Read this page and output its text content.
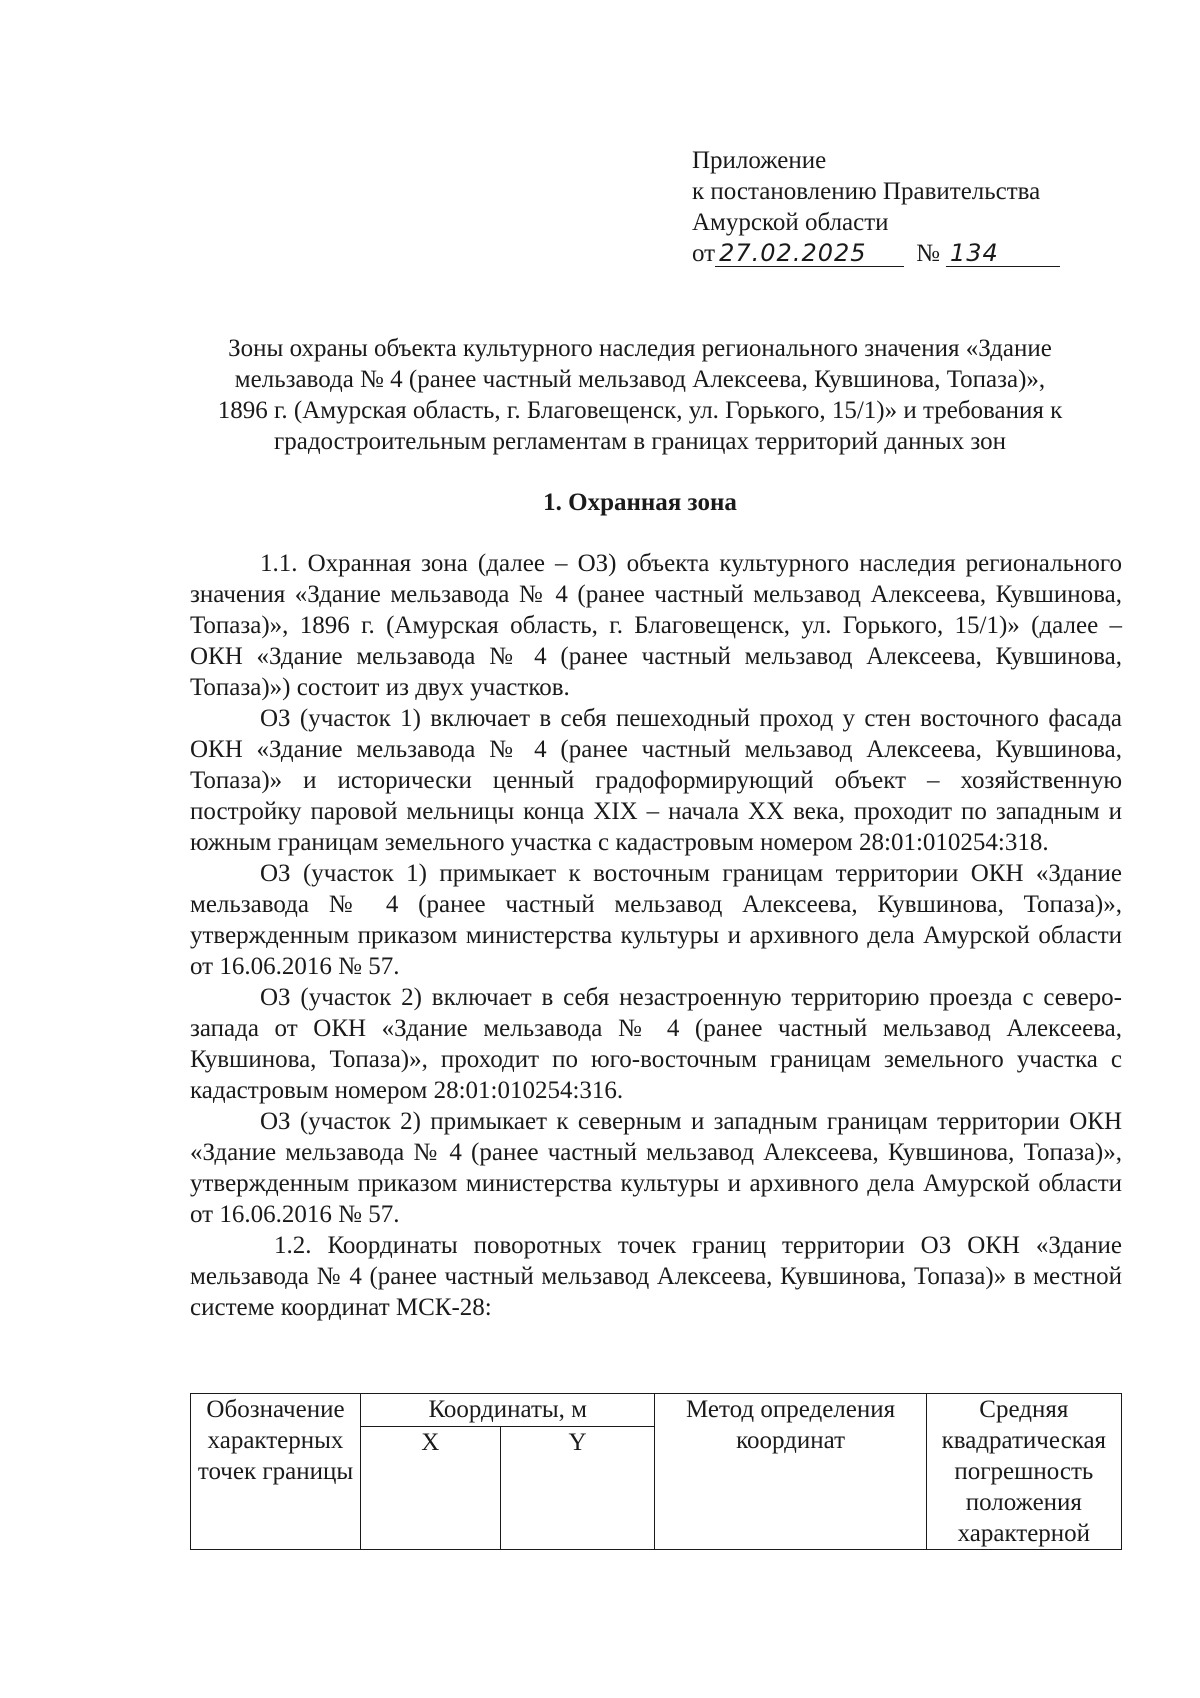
Приложение
к постановлению Правительства
Амурской области
от 27.02.2025 № 134
Зоны охраны объекта культурного наследия регионального значения «Здание
мельзавода № 4 (ранее частный мельзавод Алексеева, Кувшинова, Топаза)»,
1896 г. (Амурская область, г. Благовещенск, ул. Горького, 15/1)» и требования к
градостроительным регламентам в границах территорий данных зон
1. Охранная зона

1.1. Охранная зона (далее – ОЗ) объекта культурного наследия регионального значения «Здание мельзавода № 4 (ранее частный мельзавод Алексеева, Кувшинова, Топаза)», 1896 г. (Амурская область, г. Благовещенск, ул. Горького, 15/1)» (далее – ОКН «Здание мельзавода № 4 (ранее частный мельзавод Алексеева, Кувшинова, Топаза)») состоит из двух участков.

ОЗ (участок 1) включает в себя пешеходный проход у стен восточного фасада ОКН «Здание мельзавода № 4 (ранее частный мельзавод Алексеева, Кувшинова, Топаза)» и исторически ценный градоформирующий объект – хозяйственную постройку паровой мельницы конца XIX – начала XX века, проходит по западным и южным границам земельного участка с кадастровым номером 28:01:010254:318.

ОЗ (участок 1) примыкает к восточным границам территории ОКН «Здание мельзавода № 4 (ранее частный мельзавод Алексеева, Кувшинова, Топаза)», утвержденным приказом министерства культуры и архивного дела Амурской области от 16.06.2016 № 57.

ОЗ (участок 2) включает в себя незастроенную территорию проезда с северо-запада от ОКН «Здание мельзавода № 4 (ранее частный мельзавод Алексеева, Кувшинова, Топаза)», проходит по юго-восточным границам земельного участка с кадастровым номером 28:01:010254:316.

ОЗ (участок 2) примыкает к северным и западным границам территории ОКН «Здание мельзавода № 4 (ранее частный мельзавод Алексеева, Кувшинова, Топаза)», утвержденным приказом министерства культуры и архивного дела Амурской области от 16.06.2016 № 57.

1.2. Координаты поворотных точек границ территории ОЗ ОКН «Здание мельзавода № 4 (ранее частный мельзавод Алексеева, Кувшинова, Топаза)» в местной системе координат МСК-28:

Обозначение характерных точек границы	Координаты, м		Метод определения координат	Средняя квадратическая погрешность положения характерной
	X	Y		
